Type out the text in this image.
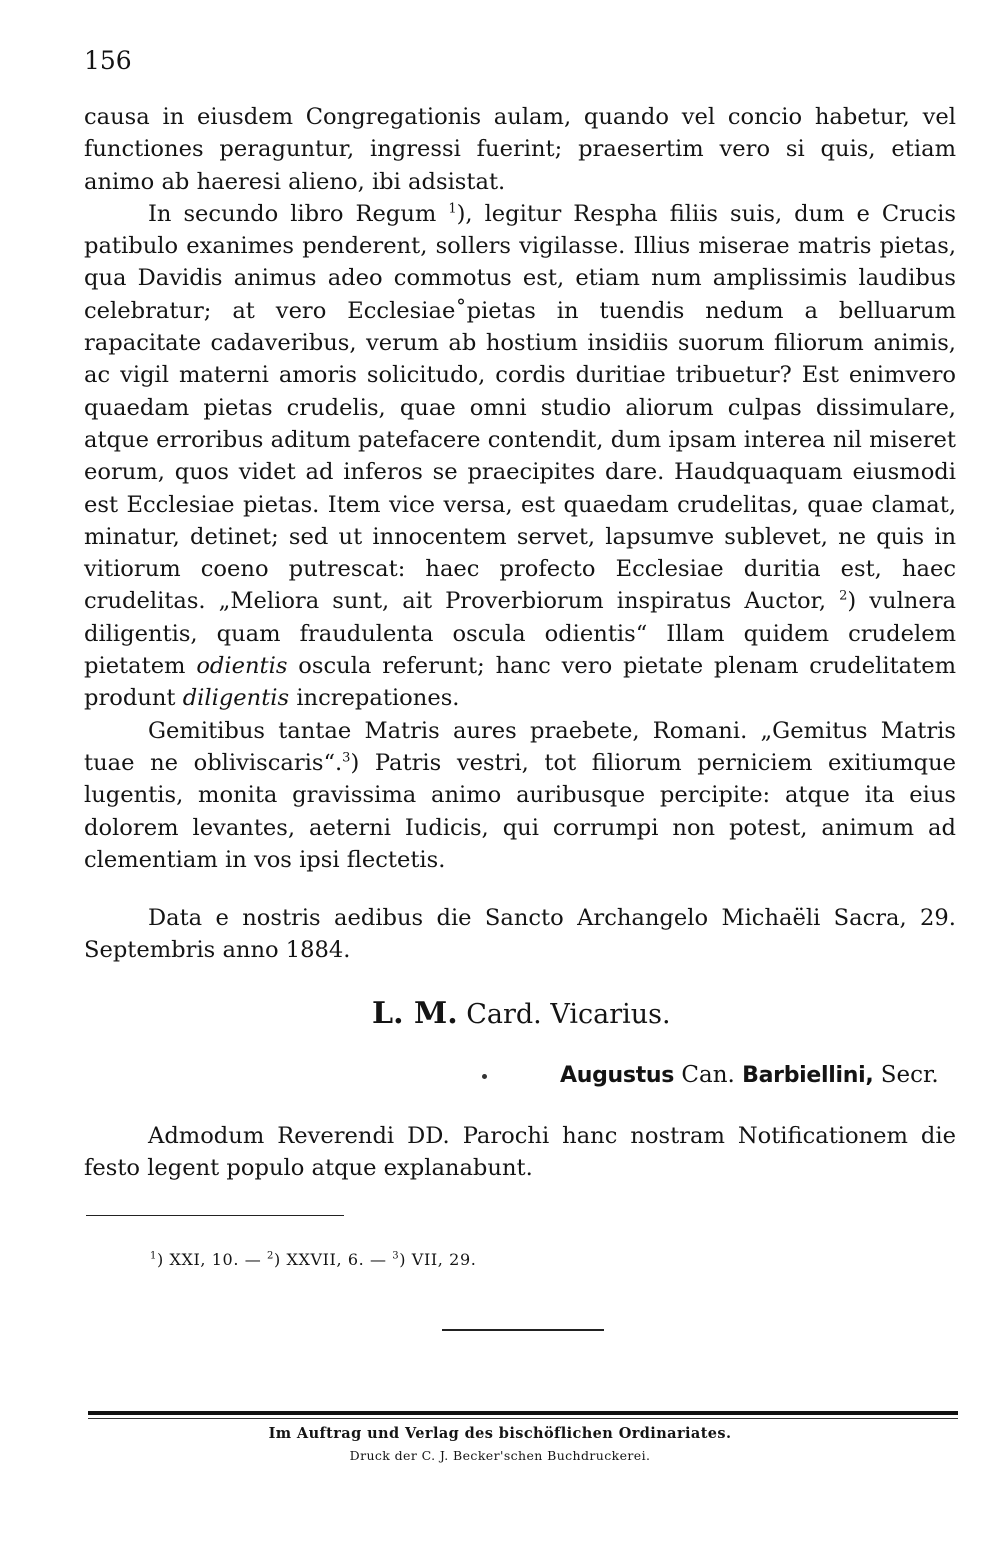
156

causa in eiusdem Congregationis aulam, quando vel concio habetur, vel functiones peraguntur, ingressi fuerint; praesertim vero si quis, etiam animo ab haeresi alieno, ibi adsistat.

In secundo libro Regum $^1$), legitur Respha filiis suis, dum e Crucis patibulo exanimes penderent, sollers vigilasse. Illius miserae matris pietas, qua Davidis animus adeo commotus est, etiam num amplissimis laudibus celebratur; at vero Ecclesiae˚pietas in tuendis nedum a belluarum rapacitate cadaveribus, verum ab hostium insidiis suorum filiorum animis, ac vigil materni amoris solicitudo, cordis duritiae tribuetur? Est enimvero quaedam pietas crudelis, quae omni studio aliorum culpas dissimulare, atque erroribus aditum patefacere contendit, dum ipsam interea nil miseret eorum, quos videt ad inferos se praecipites dare. Haudquaquam eiusmodi est Ecclesiae pietas. Item vice versa, est quaedam crudelitas, quae clamat, minatur, detinet; sed ut innocentem servet, lapsumve sublevet, ne quis in vitiorum coeno putrescat: haec profecto Ecclesiae duritia est, haec crudelitas. „Meliora sunt, ait Proverbiorum inspiratus Auctor, $^2$) vulnera diligentis, quam fraudulenta oscula odientis“ Illam quidem crudelem pietatem odientis oscula referunt; hanc vero pietate plenam crudelitatem produnt diligentis increpationes.

Gemitibus tantae Matris aures praebete, Romani. „Gemitus Matris tuae ne obliviscaris“.$^3$) Patris vestri, tot filiorum perniciem exitiumque lugentis, monita gravissima animo auribusque percipite: atque ita eius dolorem levantes, aeterni Iudicis, qui corrumpi non potest, animum ad clementiam in vos ipsi flectetis.

Data e nostris aedibus die Sancto Archangelo Michaëli Sacra, 29. Septembris anno 1884.

L. M. Card. Vicarius.
Augustus Can. Barbiellini, Secr.

Admodum Reverendi DD. Parochi hanc nostram Notificationem die festo legent populo atque explanabunt.

$^1$) XXI, 10. — $^2$) XXVII, 6. — $^3$) VII, 29.
Im Auftrag und Verlag des bischöflichen Ordinariates.
Druck der C. J. Becker'schen Buchdruckerei.
